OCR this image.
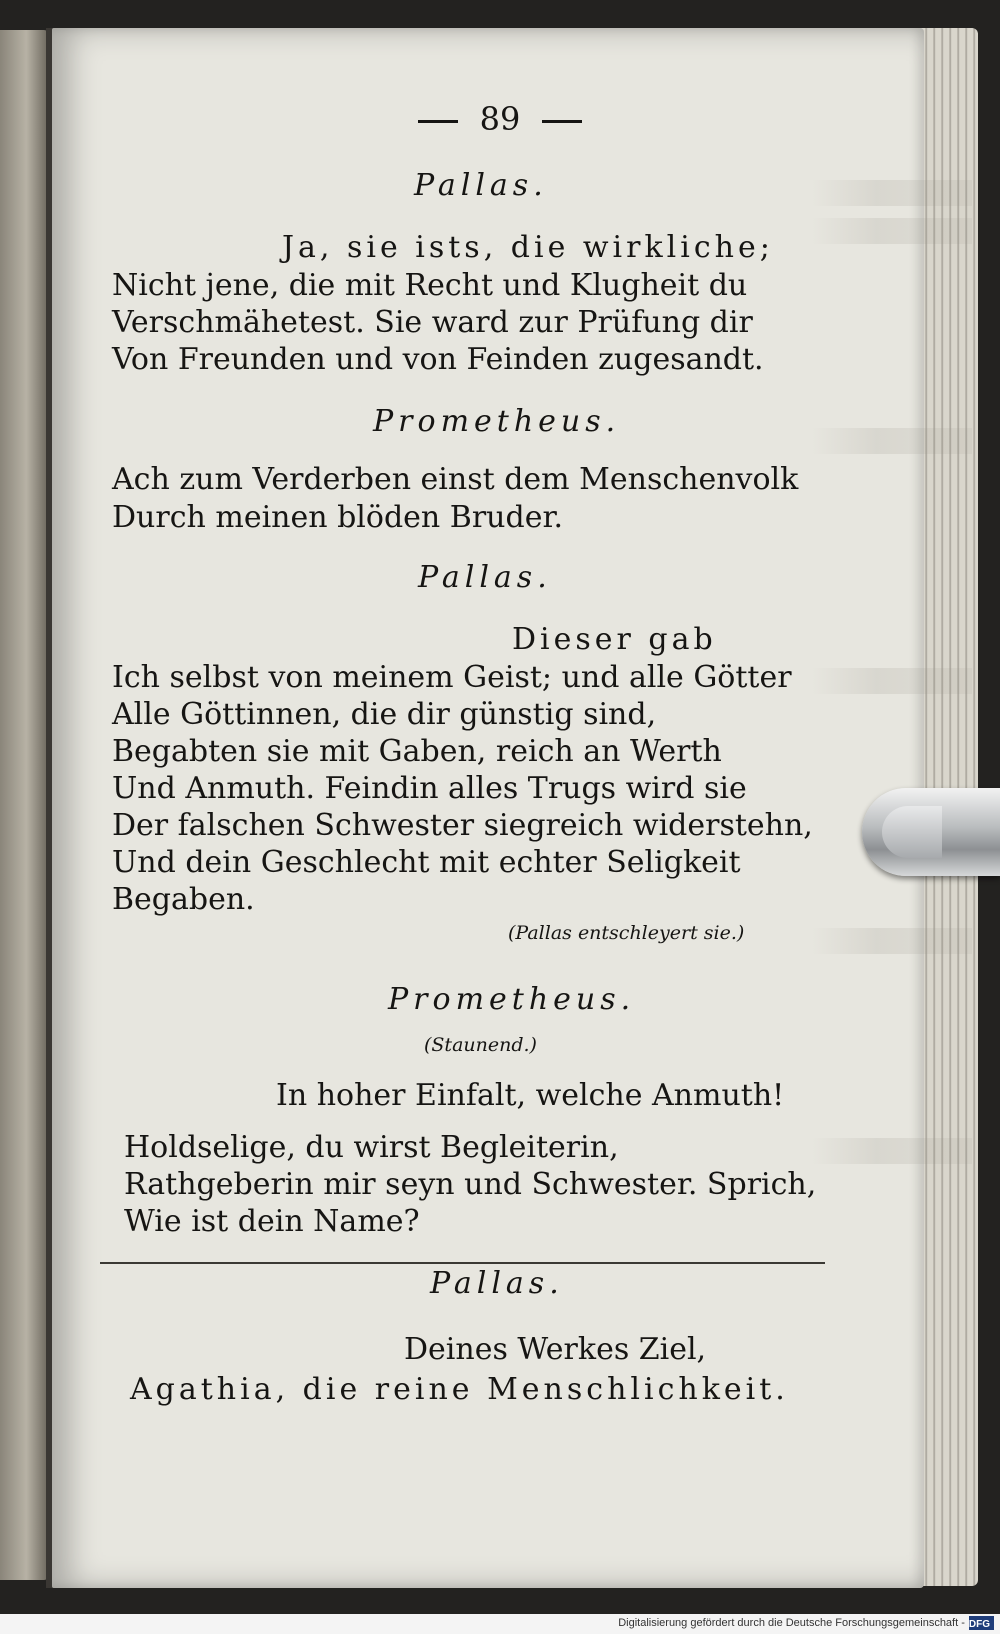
89
Pallas.
Ja, sie ists, die wirkliche;
Nicht jene, die mit Recht und Klugheit du
Verschmähetest. Sie ward zur Prüfung dir
Von Freunden und von Feinden zugesandt.
Prometheus.
Ach zum Verderben einst dem Menschenvolk
Durch meinen blöden Bruder.
Pallas.
Dieser gab
Ich selbst von meinem Geist; und alle Götter
Alle Göttinnen, die dir günstig sind,
Begabten sie mit Gaben, reich an Werth
Und Anmuth. Feindin alles Trugs wird sie
Der falschen Schwester siegreich widerstehn,
Und dein Geschlecht mit echter Seligkeit
Begaben.
(Pallas entschleyert sie.)
Prometheus.
(Staunend.)
In hoher Einfalt, welche Anmuth!
Holdselige, du wirst Begleiterin,
Rathgeberin mir seyn und Schwester. Sprich,
Wie ist dein Name?
Pallas.
Deines Werkes Ziel,
Agathia, die reine Menschlichkeit.
Digitalisierung gefördert durch die Deutsche Forschungsgemeinschaft - DFG
